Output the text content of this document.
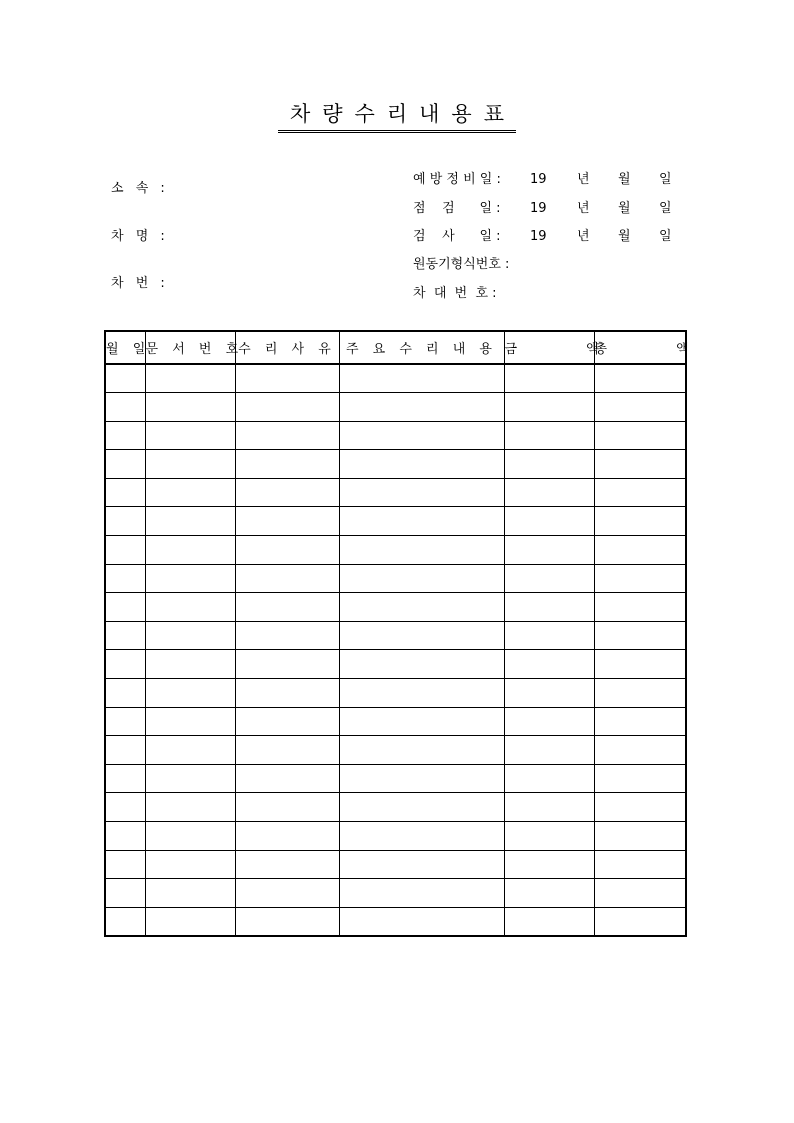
차량수리내용표
소 속 :
차 명 :
차 번 :
예 방 정 비 일 : 19 년 월 일
점    검      일 : 19 년 월 일
검    사      일 : 19 년 월 일
원동기형식번호 :
차  대  번  호 :
월 일	문 서 번 호	수 리 사 유	주 요 수 리 내 용	금       액	총       액
